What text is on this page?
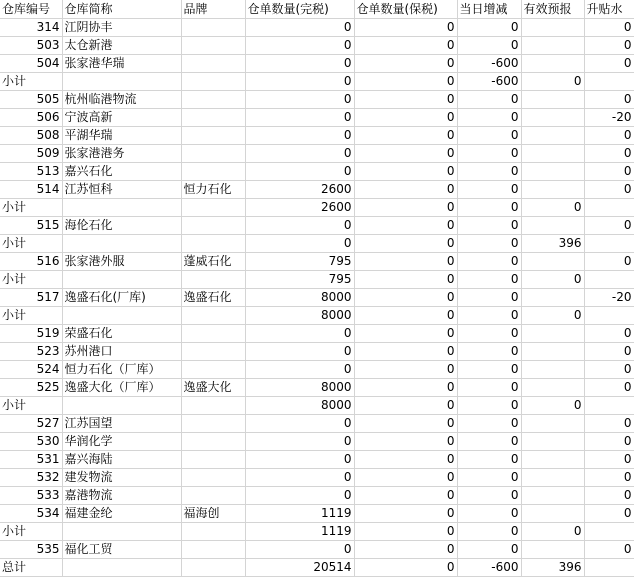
仓库编号	仓库简称	品牌	仓单数量(完税)	仓单数量(保税)	当日增减	有效预报	升贴水
314	江阴协丰		0	0	0		0
503	太仓新港		0	0	0		0
504	张家港华瑞		0	0	-600		0
小计			0	0	-600	0	
505	杭州临港物流		0	0	0		0
506	宁波高新		0	0	0		-20
508	平湖华瑞		0	0	0		0
509	张家港港务		0	0	0		0
513	嘉兴石化		0	0	0		0
514	江苏恒科	恒力石化	2600	0	0		0
小计			2600	0	0	0	
515	海伦石化		0	0	0		0
小计			0	0	0	396	
516	张家港外服	蓬威石化	795	0	0		0
小计			795	0	0	0	
517	逸盛石化(厂库)	逸盛石化	8000	0	0		-20
小计			8000	0	0	0	
519	荣盛石化		0	0	0		0
523	苏州港口		0	0	0		0
524	恒力石化（厂库）		0	0	0		0
525	逸盛大化（厂库）	逸盛大化	8000	0	0		0
小计			8000	0	0	0	
527	江苏国望		0	0	0		0
530	华润化学		0	0	0		0
531	嘉兴海陆		0	0	0		0
532	建发物流		0	0	0		0
533	嘉港物流		0	0	0		0
534	福建金纶	福海创	1119	0	0		0
小计			1119	0	0	0	
535	福化工贸		0	0	0		0
总计			20514	0	-600	396	
